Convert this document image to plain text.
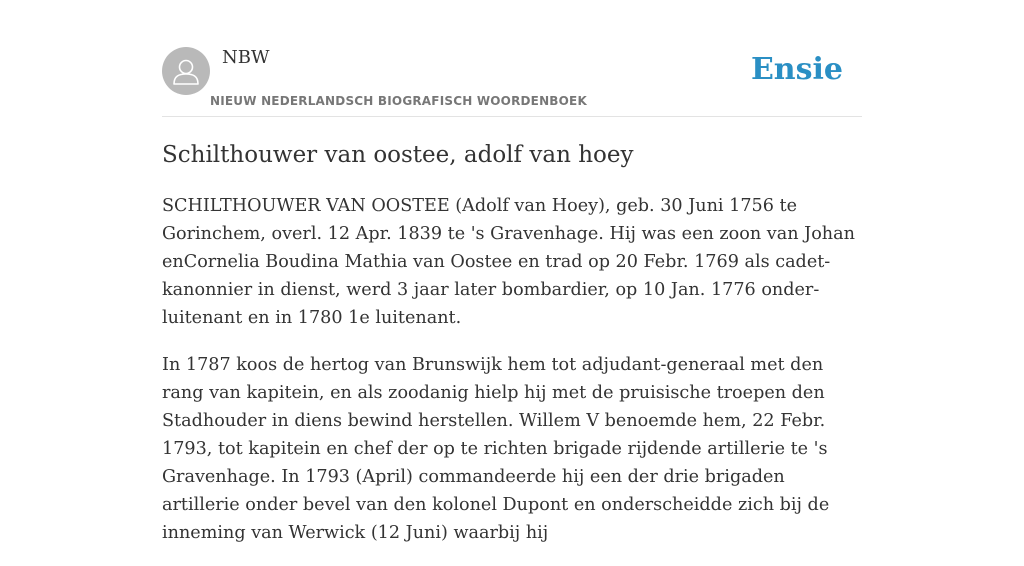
NBW
NIEUW NEDERLANDSCH BIOGRAFISCH WOORDENBOEK
Ensie
Schilthouwer van oostee, adolf van hoey

SCHILTHOUWER VAN OOSTEE (Adolf van Hoey), geb. 30 Juni 1756 te Gorinchem, overl. 12 Apr. 1839 te 's Gravenhage. Hij was een zoon van Johan enCornelia Boudina Mathia van Oostee en trad op 20 Febr. 1769 als cadet-kanonnier in dienst, werd 3 jaar later bombardier, op 10 Jan. 1776 onder-luitenant en in 1780 1e luitenant.

In 1787 koos de hertog van Brunswijk hem tot adjudant-generaal met den rang van kapitein, en als zoodanig hielp hij met de pruisische troepen den Stadhouder in diens bewind herstellen. Willem V benoemde hem, 22 Febr. 1793, tot kapitein en chef der op te richten brigade rijdende artillerie te 's Gravenhage. In 1793 (April) commandeerde hij een der drie brigaden artillerie onder bevel van den kolonel Dupont en onderscheidde zich bij de inneming van Werwick (12 Juni) waarbij hij
